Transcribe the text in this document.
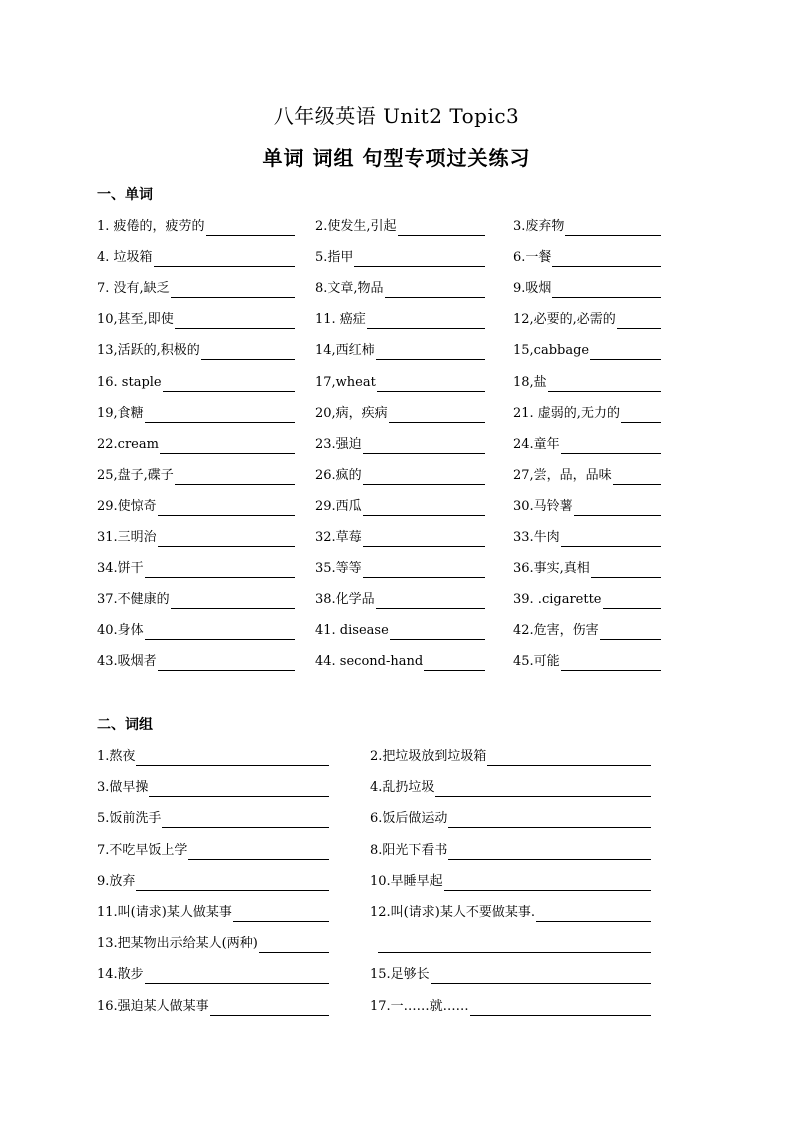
八年级英语 Unit2 Topic3
单词 词组 句型专项过关练习
一、单词
1. 疲倦的，疲劳的	2.使发生,引起	3.废弃物
4. 垃圾箱	5.指甲	6.一餐
7. 没有,缺乏	8.文章,物品	9.吸烟
10,甚至,即使	11. 癌症	12,必要的,必需的
13,活跃的,积极的	14,西红柿	15,cabbage
16. staple	17,wheat	18,盐
19,食糖	20,病，疾病	21. 虚弱的,无力的
22.cream	23.强迫	24.童年
25,盘子,碟子	26.疯的	27,尝，品，品味
29.使惊奇	29.西瓜	30.马铃薯
31.三明治	32.草莓	33.牛肉
34.饼干	35.等等	36.事实,真相
37.不健康的	38.化学品	39. .cigarette
40.身体	41. disease	42.危害，伤害
43.吸烟者	44. second-hand	45.可能
二、词组
1.熬夜	2.把垃圾放到垃圾箱
3.做早操	4.乱扔垃圾
5.饭前洗手	6.饭后做运动
7.不吃早饭上学	8.阳光下看书
9.放弃	10.早睡早起
11.叫(请求)某人做某事	12.叫(请求)某人不要做某事.
13.把某物出示给某人(两种)
14.散步	15.足够长
16.强迫某人做某事	17.一……就……
